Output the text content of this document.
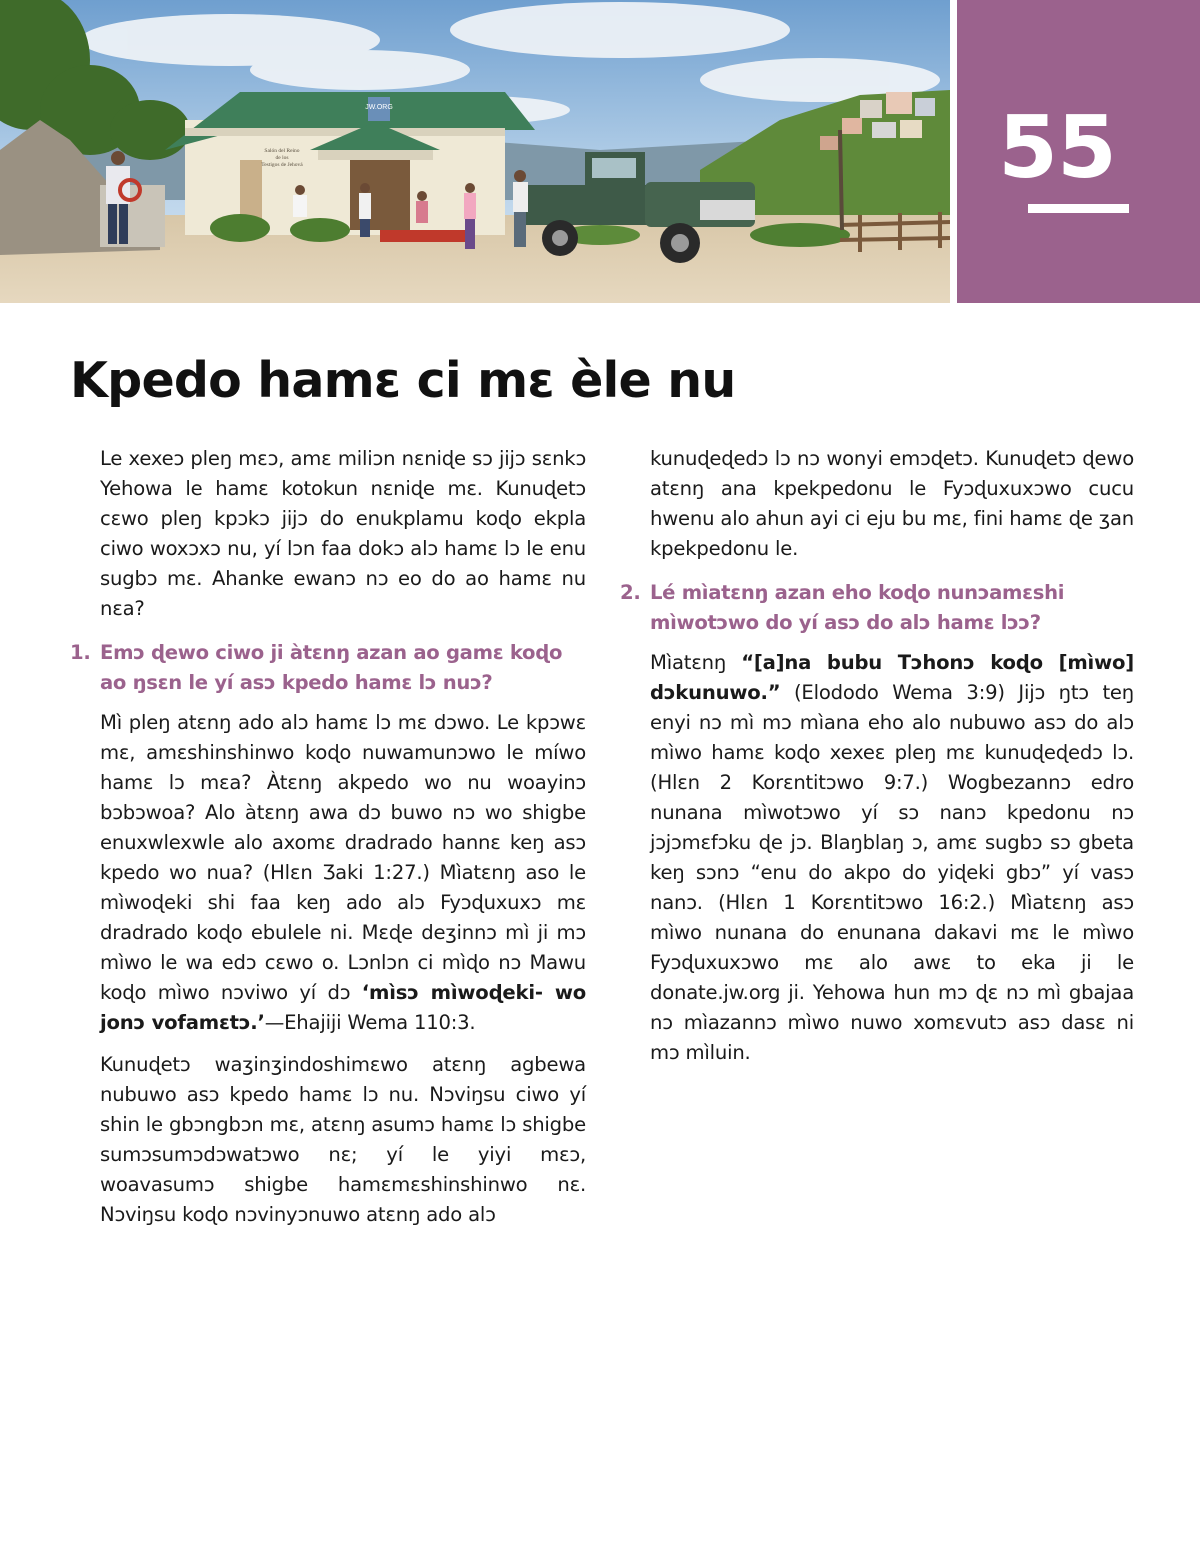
JW.ORG
Salón del Reino
de los
Testigos de Jehová	55
Kpedo hamɛ ci mɛ èle nu

Le xexeɔ pleŋ mɛɔ, amɛ miliɔn nɛniɖe sɔ jijɔ sɛnkɔ Yehowa le hamɛ kotokun nɛniɖe mɛ. Kunuɖetɔ cɛwo pleŋ kpɔkɔ jijɔ do enukplamu koɖo ekpla ciwo woxɔxɔ nu, yí lɔn faa dokɔ alɔ hamɛ lɔ le enu sugbɔ mɛ. Ahanke ewanɔ nɔ eo do ao hamɛ nu nɛa?

1. Emɔ ɖewo ciwo ji àtɛnŋ azan ao gamɛ koɖo ao ŋsɛn le yí asɔ kpedo hamɛ lɔ nuɔ?

Mì pleŋ atɛnŋ ado alɔ hamɛ lɔ mɛ dɔwo. Le kpɔwɛ mɛ, amɛshinshinwo koɖo nuwamunɔwo le míwo hamɛ lɔ mɛa? Àtɛnŋ akpedo wo nu woayinɔ bɔbɔwoa? Alo àtɛnŋ awa dɔ buwo nɔ wo shigbe enuxwlexwle alo axomɛ dradrado hannɛ keŋ asɔ kpedo wo nua? (Hlɛn Ʒaki 1:27.) Mìatɛnŋ aso le mìwoɖeki shi faa keŋ ado alɔ Fyɔɖuxuxɔ mɛ dradrado koɖo ebulele ni. Mɛɖe deʒinnɔ mì ji mɔ mìwo le wa edɔ cɛwo o. Lɔnlɔn ci mìɖo nɔ Mawu koɖo mìwo nɔviwo yí dɔ ‘mìsɔ mìwoɖeki- wo jonɔ vofamɛtɔ.’—Ehajiji Wema 110:3.

Kunuɖetɔ waʒinʒindoshimɛwo atɛnŋ agbewa nubuwo asɔ kpedo hamɛ lɔ nu. Nɔviŋsu ciwo yí shin le gbɔngbɔn mɛ, atɛnŋ asumɔ hamɛ lɔ shigbe sumɔsumɔdɔwatɔwo nɛ; yí le yiyi mɛɔ, woavasumɔ shigbe hamɛmɛshinshinwo nɛ. Nɔviŋsu koɖo nɔvinyɔnuwo atɛnŋ ado alɔ

kunuɖeɖedɔ lɔ nɔ wonyi emɔɖetɔ. Kunuɖetɔ ɖewo atɛnŋ ana kpekpedonu le Fyɔɖuxuxɔwo cucu hwenu alo ahun ayi ci eju bu mɛ, fini hamɛ ɖe ʒan kpekpedonu le.

2. Lé mìatɛnŋ azan eho koɖo nunɔamɛshi mìwotɔwo do yí asɔ do alɔ hamɛ lɔɔ?

Mìatɛnŋ “[a]na bubu Tɔhonɔ koɖo [mìwo] dɔkunuwo.” (Elododo Wema 3:9) Jijɔ ŋtɔ teŋ enyi nɔ mì mɔ mìana eho alo nubuwo asɔ do alɔ mìwo hamɛ koɖo xexeɛ pleŋ mɛ kunuɖeɖedɔ lɔ. (Hlɛn 2 Korɛntitɔwo 9:7.) Wogbezannɔ edro nunana mìwotɔwo yí sɔ nanɔ kpedonu nɔ jɔjɔmɛfɔku ɖe jɔ. Blaŋblaŋ ɔ, amɛ sugbɔ sɔ gbeta keŋ sɔnɔ “enu do akpo do yiɖeki gbɔ” yí vasɔ nanɔ. (Hlɛn 1 Korɛntitɔwo 16:2.) Mìatɛnŋ asɔ mìwo nunana do enunana dakavi mɛ le mìwo Fyɔɖuxuxɔwo mɛ alo awɛ to eka ji le donate.jw.org ji. Yehowa hun mɔ ɖɛ nɔ mì gbajaa nɔ mìazannɔ mìwo nuwo xomɛvutɔ asɔ dasɛ ni mɔ mìluin.
